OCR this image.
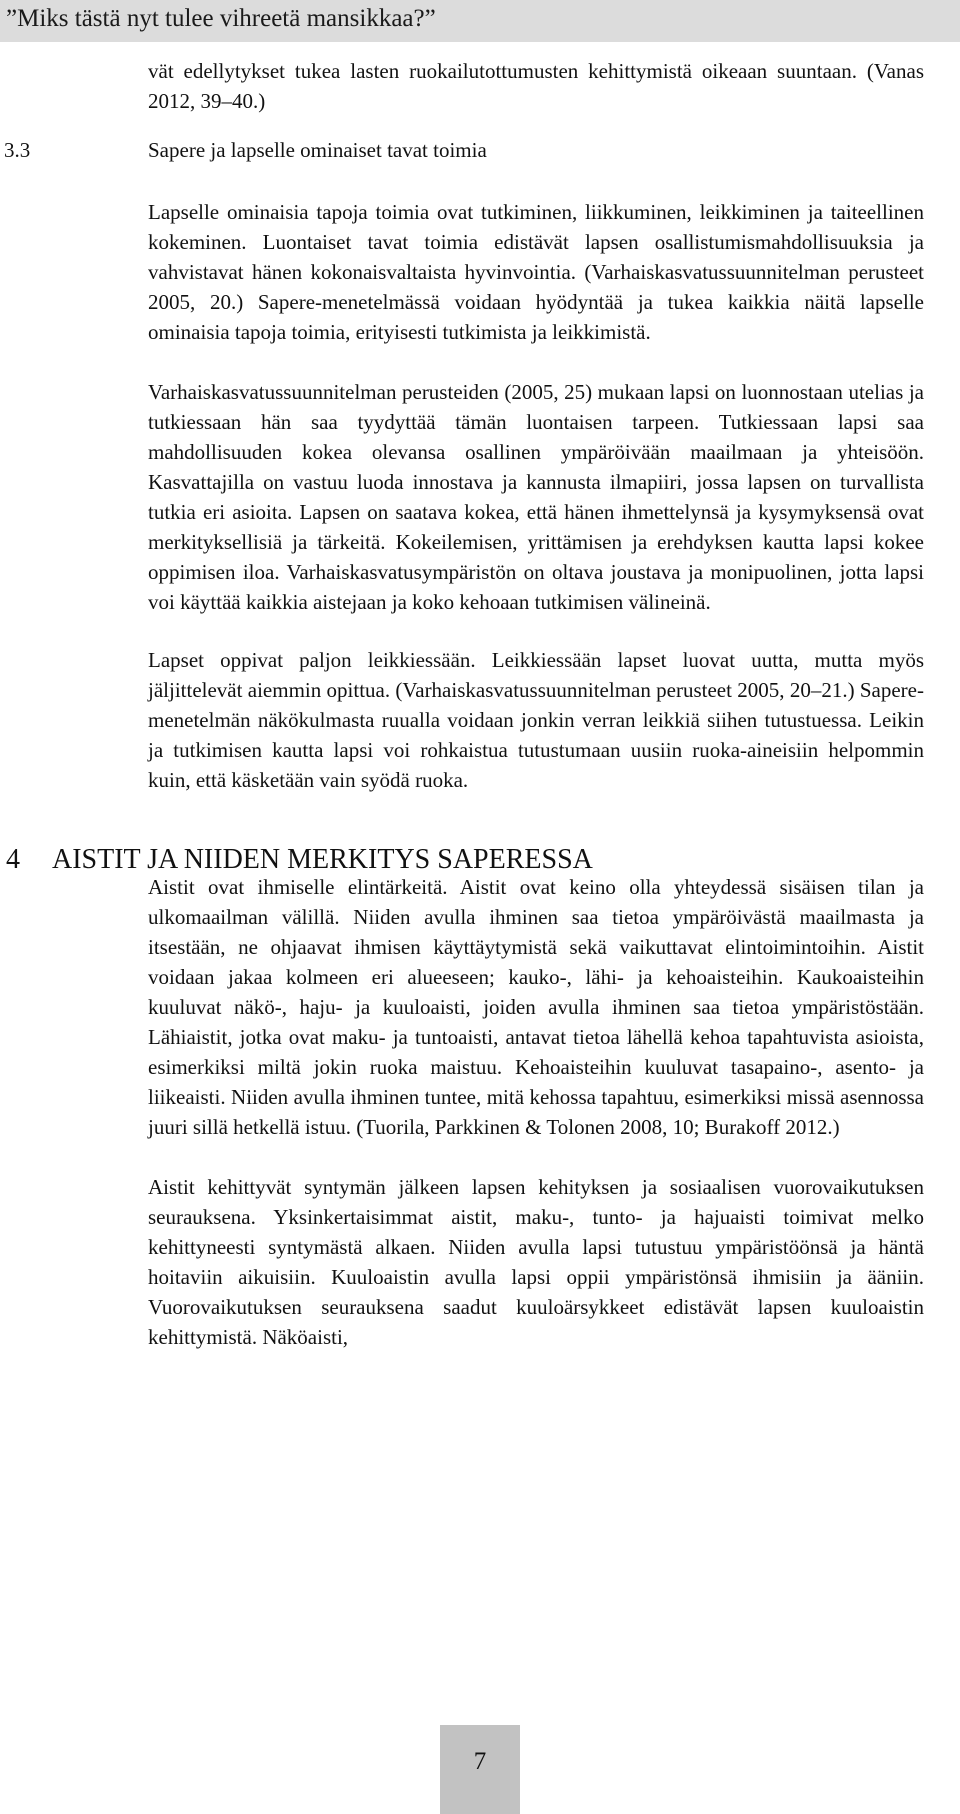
”Miks tästä nyt tulee vihreetä mansikkaa?”

vät edellytykset tukea lasten ruokailutottumusten kehittymistä oikeaan suuntaan. (Vanas 2012, 39–40.)

3.3	Sapere ja lapselle ominaiset tavat toimia

Lapselle ominaisia tapoja toimia ovat tutkiminen, liikkuminen, leikkiminen ja taiteellinen kokeminen. Luontaiset tavat toimia edistävät lapsen osallistumismahdollisuuksia ja vahvistavat hänen kokonaisvaltaista hyvinvointia. (Varhaiskasvatussuunnitelman perusteet 2005, 20.) Sapere-menetelmässä voidaan hyödyntää ja tukea kaikkia näitä lapselle ominaisia tapoja toimia, erityisesti tutkimista ja leikkimistä.

Varhaiskasvatussuunnitelman perusteiden (2005, 25) mukaan lapsi on luonnostaan utelias ja tutkiessaan hän saa tyydyttää tämän luontaisen tarpeen. Tutkiessaan lapsi saa mahdollisuuden kokea olevansa osallinen ympäröivään maailmaan ja yhteisöön. Kasvattajilla on vastuu luoda innostava ja kannusta ilmapiiri, jossa lapsen on turvallista tutkia eri asioita. Lapsen on saatava kokea, että hänen ihmettelynsä ja kysymyksensä ovat merkityksellisiä ja tärkeitä. Kokeilemisen, yrittämisen ja erehdyksen kautta lapsi kokee oppimisen iloa. Varhaiskasvatusympäristön on oltava joustava ja monipuolinen, jotta lapsi voi käyttää kaikkia aistejaan ja koko kehoaan tutkimisen välineinä.

Lapset oppivat paljon leikkiessään. Leikkiessään lapset luovat uutta, mutta myös jäljittelevät aiemmin opittua. (Varhaiskasvatussuunnitelman perusteet 2005, 20–21.) Sapere-menetelmän näkökulmasta ruualla voidaan jonkin verran leikkiä siihen tutustuessa. Leikin ja tutkimisen kautta lapsi voi rohkaistua tutustumaan uusiin ruoka-aineisiin helpommin kuin, että käsketään vain syödä ruoka.

4 AISTIT JA NIIDEN MERKITYS SAPERESSA

Aistit ovat ihmiselle elintärkeitä. Aistit ovat keino olla yhteydessä sisäisen tilan ja ulkomaailman välillä. Niiden avulla ihminen saa tietoa ympäröivästä maailmasta ja itsestään, ne ohjaavat ihmisen käyttäytymistä sekä vaikuttavat elintoimintoihin. Aistit voidaan jakaa kolmeen eri alueeseen; kauko-, lähi- ja kehoaisteihin. Kaukoaisteihin kuuluvat näkö-, haju- ja kuuloaisti, joiden avulla ihminen saa tietoa ympäristöstään. Lähiaistit, jotka ovat maku- ja tuntoaisti, antavat tietoa lähellä kehoa tapahtuvista asioista, esimerkiksi miltä jokin ruoka maistuu. Kehoaisteihin kuuluvat tasapaino-, asento- ja liikeaisti. Niiden avulla ihminen tuntee, mitä kehossa tapahtuu, esimerkiksi missä asennossa juuri sillä hetkellä istuu. (Tuorila, Parkkinen & Tolonen 2008, 10; Burakoff 2012.)

Aistit kehittyvät syntymän jälkeen lapsen kehityksen ja sosiaalisen vuorovaikutuksen seurauksena. Yksinkertaisimmat aistit, maku-, tunto- ja hajuaisti toimivat melko kehittyneesti syntymästä alkaen. Niiden avulla lapsi tutustuu ympäristöönsä ja häntä hoitaviin aikuisiin. Kuuloaistin avulla lapsi oppii ympäristönsä ihmisiin ja ääniin. Vuorovaikutuksen seurauksena saadut kuuloärsykkeet edistävät lapsen kuuloaistin kehittymistä. Näköaisti,

7
